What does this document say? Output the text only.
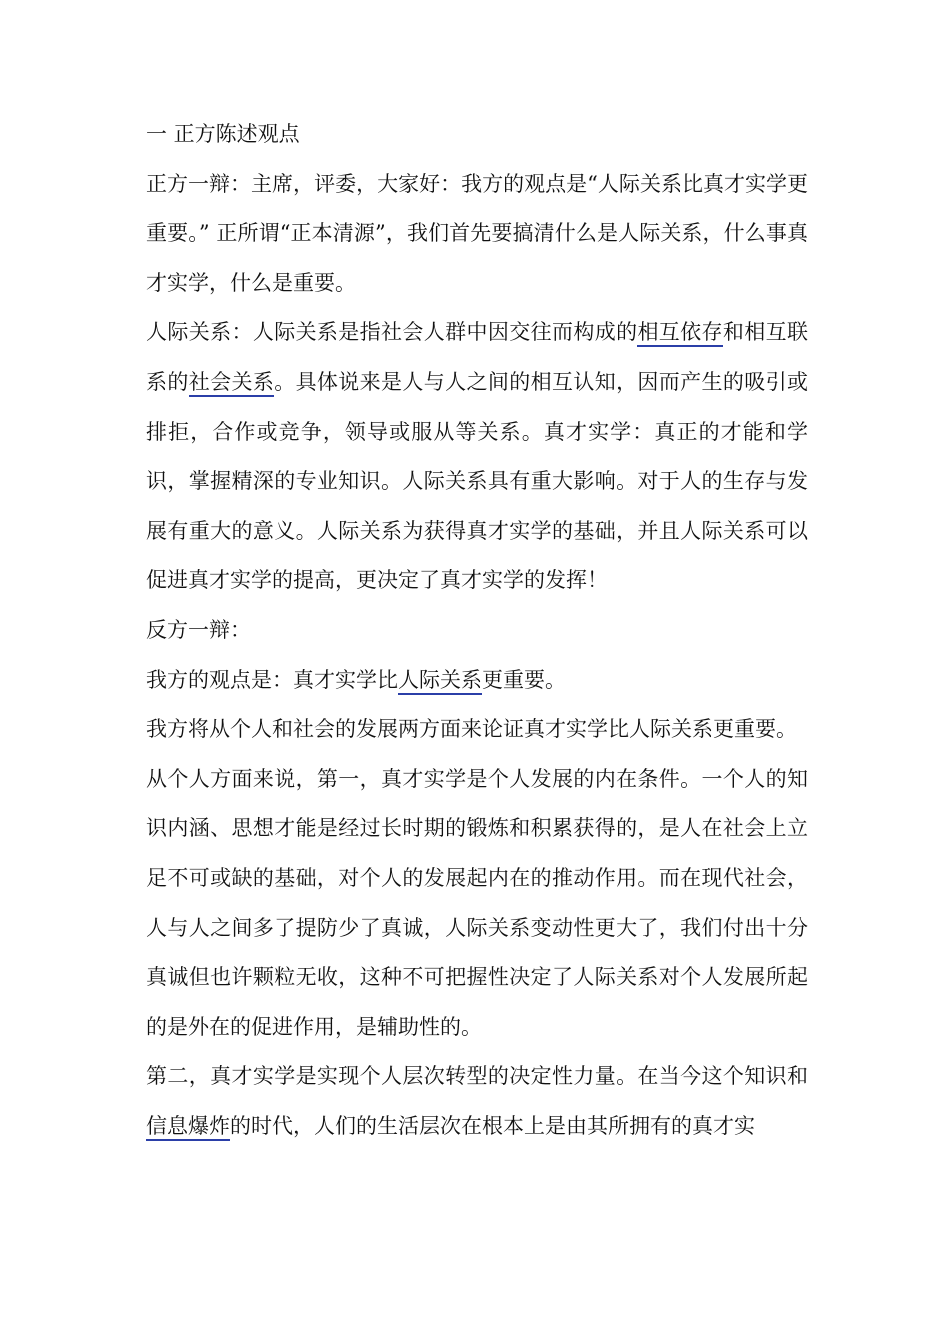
一 正方陈述观点

正方一辩：主席，评委，大家好：我方的观点是“人际关系比真才实学更重要。” 正所谓“正本清源”，我们首先要搞清什么是人际关系，什么事真才实学，什么是重要。

人际关系：人际关系是指社会人群中因交往而构成的相互依存和相互联系的社会关系。具体说来是人与人之间的相互认知，因而产生的吸引或排拒，合作或竞争，领导或服从等关系。真才实学：真正的才能和学识，掌握精深的专业知识。人际关系具有重大影响。对于人的生存与发展有重大的意义。人际关系为获得真才实学的基础，并且人际关系可以促进真才实学的提高，更决定了真才实学的发挥！

反方一辩：

我方的观点是：真才实学比人际关系更重要。

我方将从个人和社会的发展两方面来论证真才实学比人际关系更重要。

从个人方面来说，第一，真才实学是个人发展的内在条件。一个人的知识内涵、思想才能是经过长时期的锻炼和积累获得的，是人在社会上立足不可或缺的基础，对个人的发展起内在的推动作用。而在现代社会，人与人之间多了提防少了真诚，人际关系变动性更大了，我们付出十分真诚但也许颗粒无收，这种不可把握性决定了人际关系对个人发展所起的是外在的促进作用，是辅助性的。

第二，真才实学是实现个人层次转型的决定性力量。在当今这个知识和信息爆炸的时代，人们的生活层次在根本上是由其所拥有的真才实
